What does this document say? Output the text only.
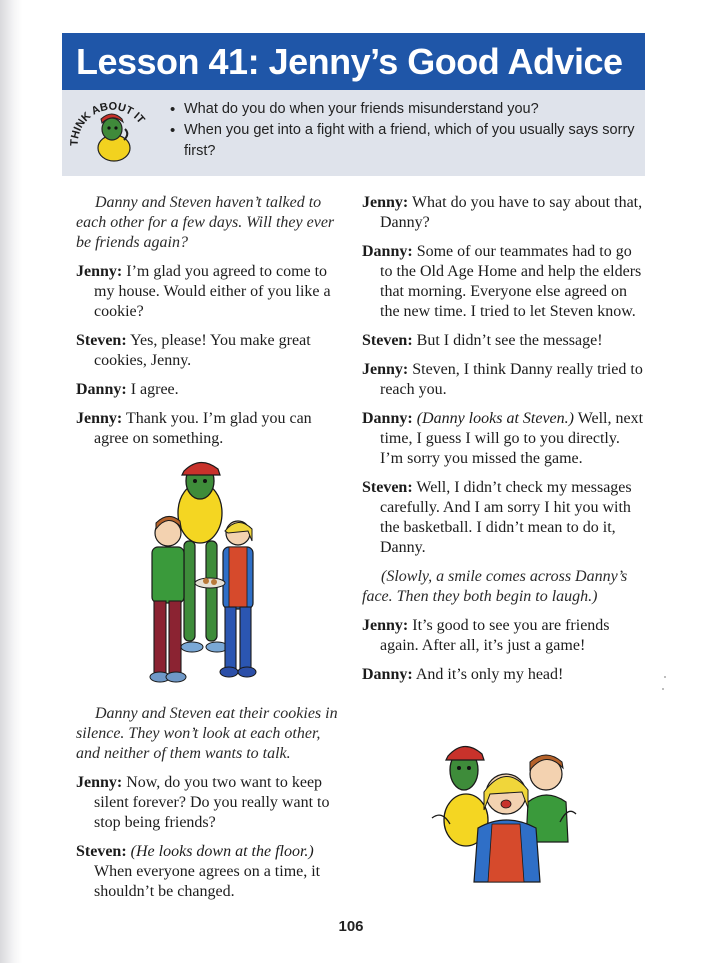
Lesson 41: Jenny’s Good Advice
THINK ABOUT IT
• What do you do when your friends misunderstand you?
• When you get into a fight with a friend, which of you usually says sorry first?

Danny and Steven haven’t talked to each other for a few days. Will they ever be friends again?

Jenny: I’m glad you agreed to come to my house. Would either of you like a cookie?

Steven: Yes, please! You make great cookies, Jenny.

Danny: I agree.

Jenny: Thank you. I’m glad you can agree on something.

Danny and Steven eat their cookies in silence. They won’t look at each other, and neither of them wants to talk.

Jenny: Now, do you two want to keep silent forever? Do you really want to stop being friends?

Steven: (He looks down at the floor.) When everyone agrees on a time, it shouldn’t be changed.

Jenny: What do you have to say about that, Danny?

Danny: Some of our teammates had to go to the Old Age Home and help the elders that morning. Everyone else agreed on the new time. I tried to let Steven know.

Steven: But I didn’t see the message!

Jenny: Steven, I think Danny really tried to reach you.

Danny: (Danny looks at Steven.) Well, next time, I guess I will go to you directly. I’m sorry you missed the game.

Steven: Well, I didn’t check my messages carefully. And I am sorry I hit you with the basketball. I didn’t mean to do it, Danny.

(Slowly, a smile comes across Danny’s face. Then they both begin to laugh.)

Jenny: It’s good to see you are friends again. After all, it’s just a game!

Danny: And it’s only my head!

106
